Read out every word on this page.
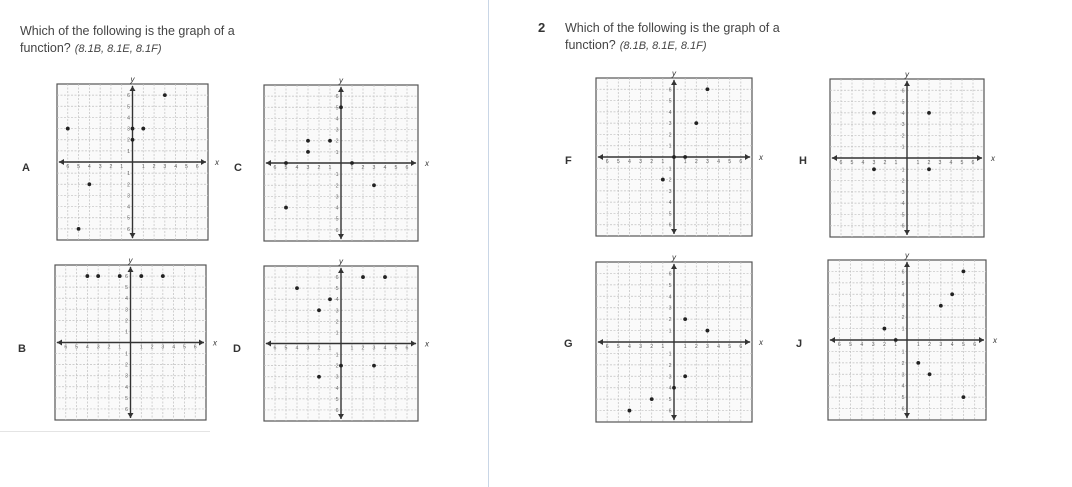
Which of the following is the graph of a
function? (8.1B, 8.1E, 8.1F)
A	6
6
5
5
4
4
3
3
2
2
1
1
1
1
2
2
3
3
4
4
5
5
6
6
y
x C	6
6
5
5
4
4
3
3
2
2
1
1
1
1
2
2
3
3
4
4
5
5
6
6
y
x
B	6
6
5
5
4
4
3
3
2
2
1
1
1
1
2
2
3
3
4
4
5
5
6
6
y
x D	6
6
5
5
4
4
3
3
2
2
1
1
1
1
2
2
3
3
4
4
5
5
6
6
y
x
2 Which of the following is the graph of a
function? (8.1B, 8.1E, 8.1F)
F	6
6
5
5
4
4
3
3
2
2
1
1
1
1
2
2
3
3
4
4
5
5
6
6
y
x	H	6
6
5
5
4
4
3
3
2
2
1
1
1
1
2
2
3
3
4
4
5
5
6
6
y
x
G	6
6
5
5
4
4
3
3
2
2
1
1
1
1
2
2
3
3
4
4
5
5
6
6
y
x	J	6
6
5
5
4
4
3
3
2
2
1
1
1
1
2
2
3
3
4
4
5
5
6
6
y
x
